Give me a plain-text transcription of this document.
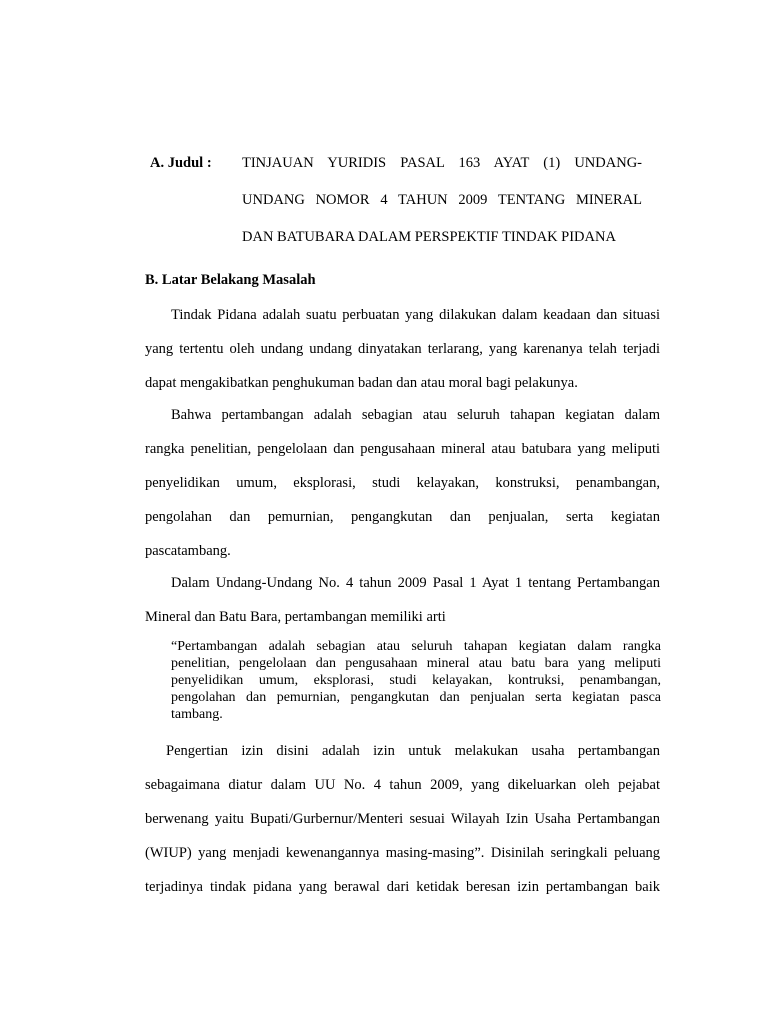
A. Judul : TINJAUAN YURIDIS PASAL 163 AYAT (1) UNDANG-
UNDANG NOMOR 4 TAHUN 2009 TENTANG MINERAL
DAN BATUBARA DALAM PERSPEKTIF TINDAK PIDANA
B. Latar Belakang Masalah
Tindak Pidana adalah suatu perbuatan yang dilakukan dalam keadaan dan situasi
yang tertentu oleh undang undang dinyatakan terlarang, yang karenanya telah terjadi
dapat mengakibatkan penghukuman badan dan atau moral bagi pelakunya.
Bahwa pertambangan adalah sebagian atau seluruh tahapan kegiatan dalam
rangka penelitian, pengelolaan dan pengusahaan mineral atau batubara yang meliputi
penyelidikan umum, eksplorasi, studi kelayakan, konstruksi, penambangan,
pengolahan dan pemurnian, pengangkutan dan penjualan, serta kegiatan
pascatambang.
Dalam Undang-Undang No. 4 tahun 2009 Pasal 1 Ayat 1 tentang Pertambangan
Mineral dan Batu Bara, pertambangan memiliki arti
“Pertambangan adalah sebagian atau seluruh tahapan kegiatan dalam rangka
penelitian, pengelolaan dan pengusahaan mineral atau batu bara yang meliputi
penyelidikan umum, eksplorasi, studi kelayakan, kontruksi, penambangan,
pengolahan dan pemurnian, pengangkutan dan penjualan serta kegiatan pasca
tambang.
Pengertian izin disini adalah izin untuk melakukan usaha pertambangan
sebagaimana diatur dalam UU No. 4 tahun 2009, yang dikeluarkan oleh pejabat
berwenang yaitu Bupati/Gurbernur/Menteri sesuai Wilayah Izin Usaha Pertambangan
(WIUP) yang menjadi kewenangannya masing-masing”. Disinilah seringkali peluang
terjadinya tindak pidana yang berawal dari ketidak beresan izin pertambangan baik
